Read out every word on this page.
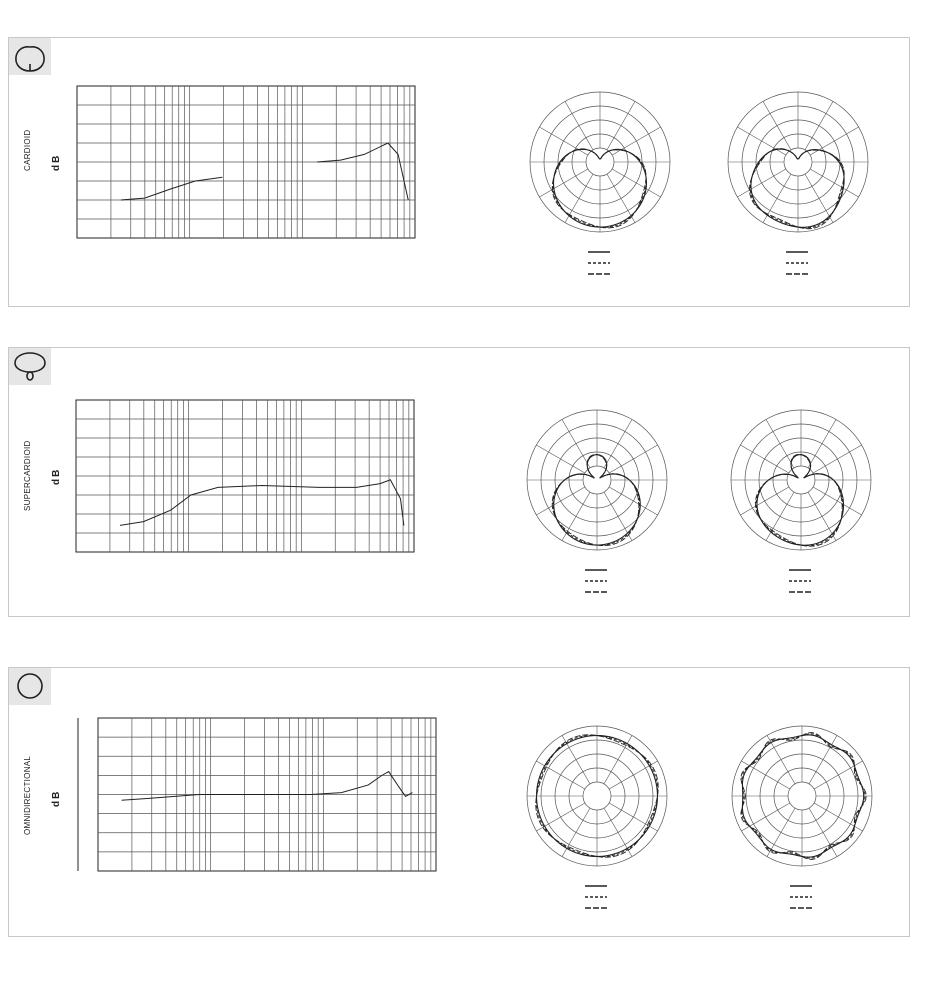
CARDIOID dB
SUPERCARDIOID dB
OMNIDIRECTIONAL dB
